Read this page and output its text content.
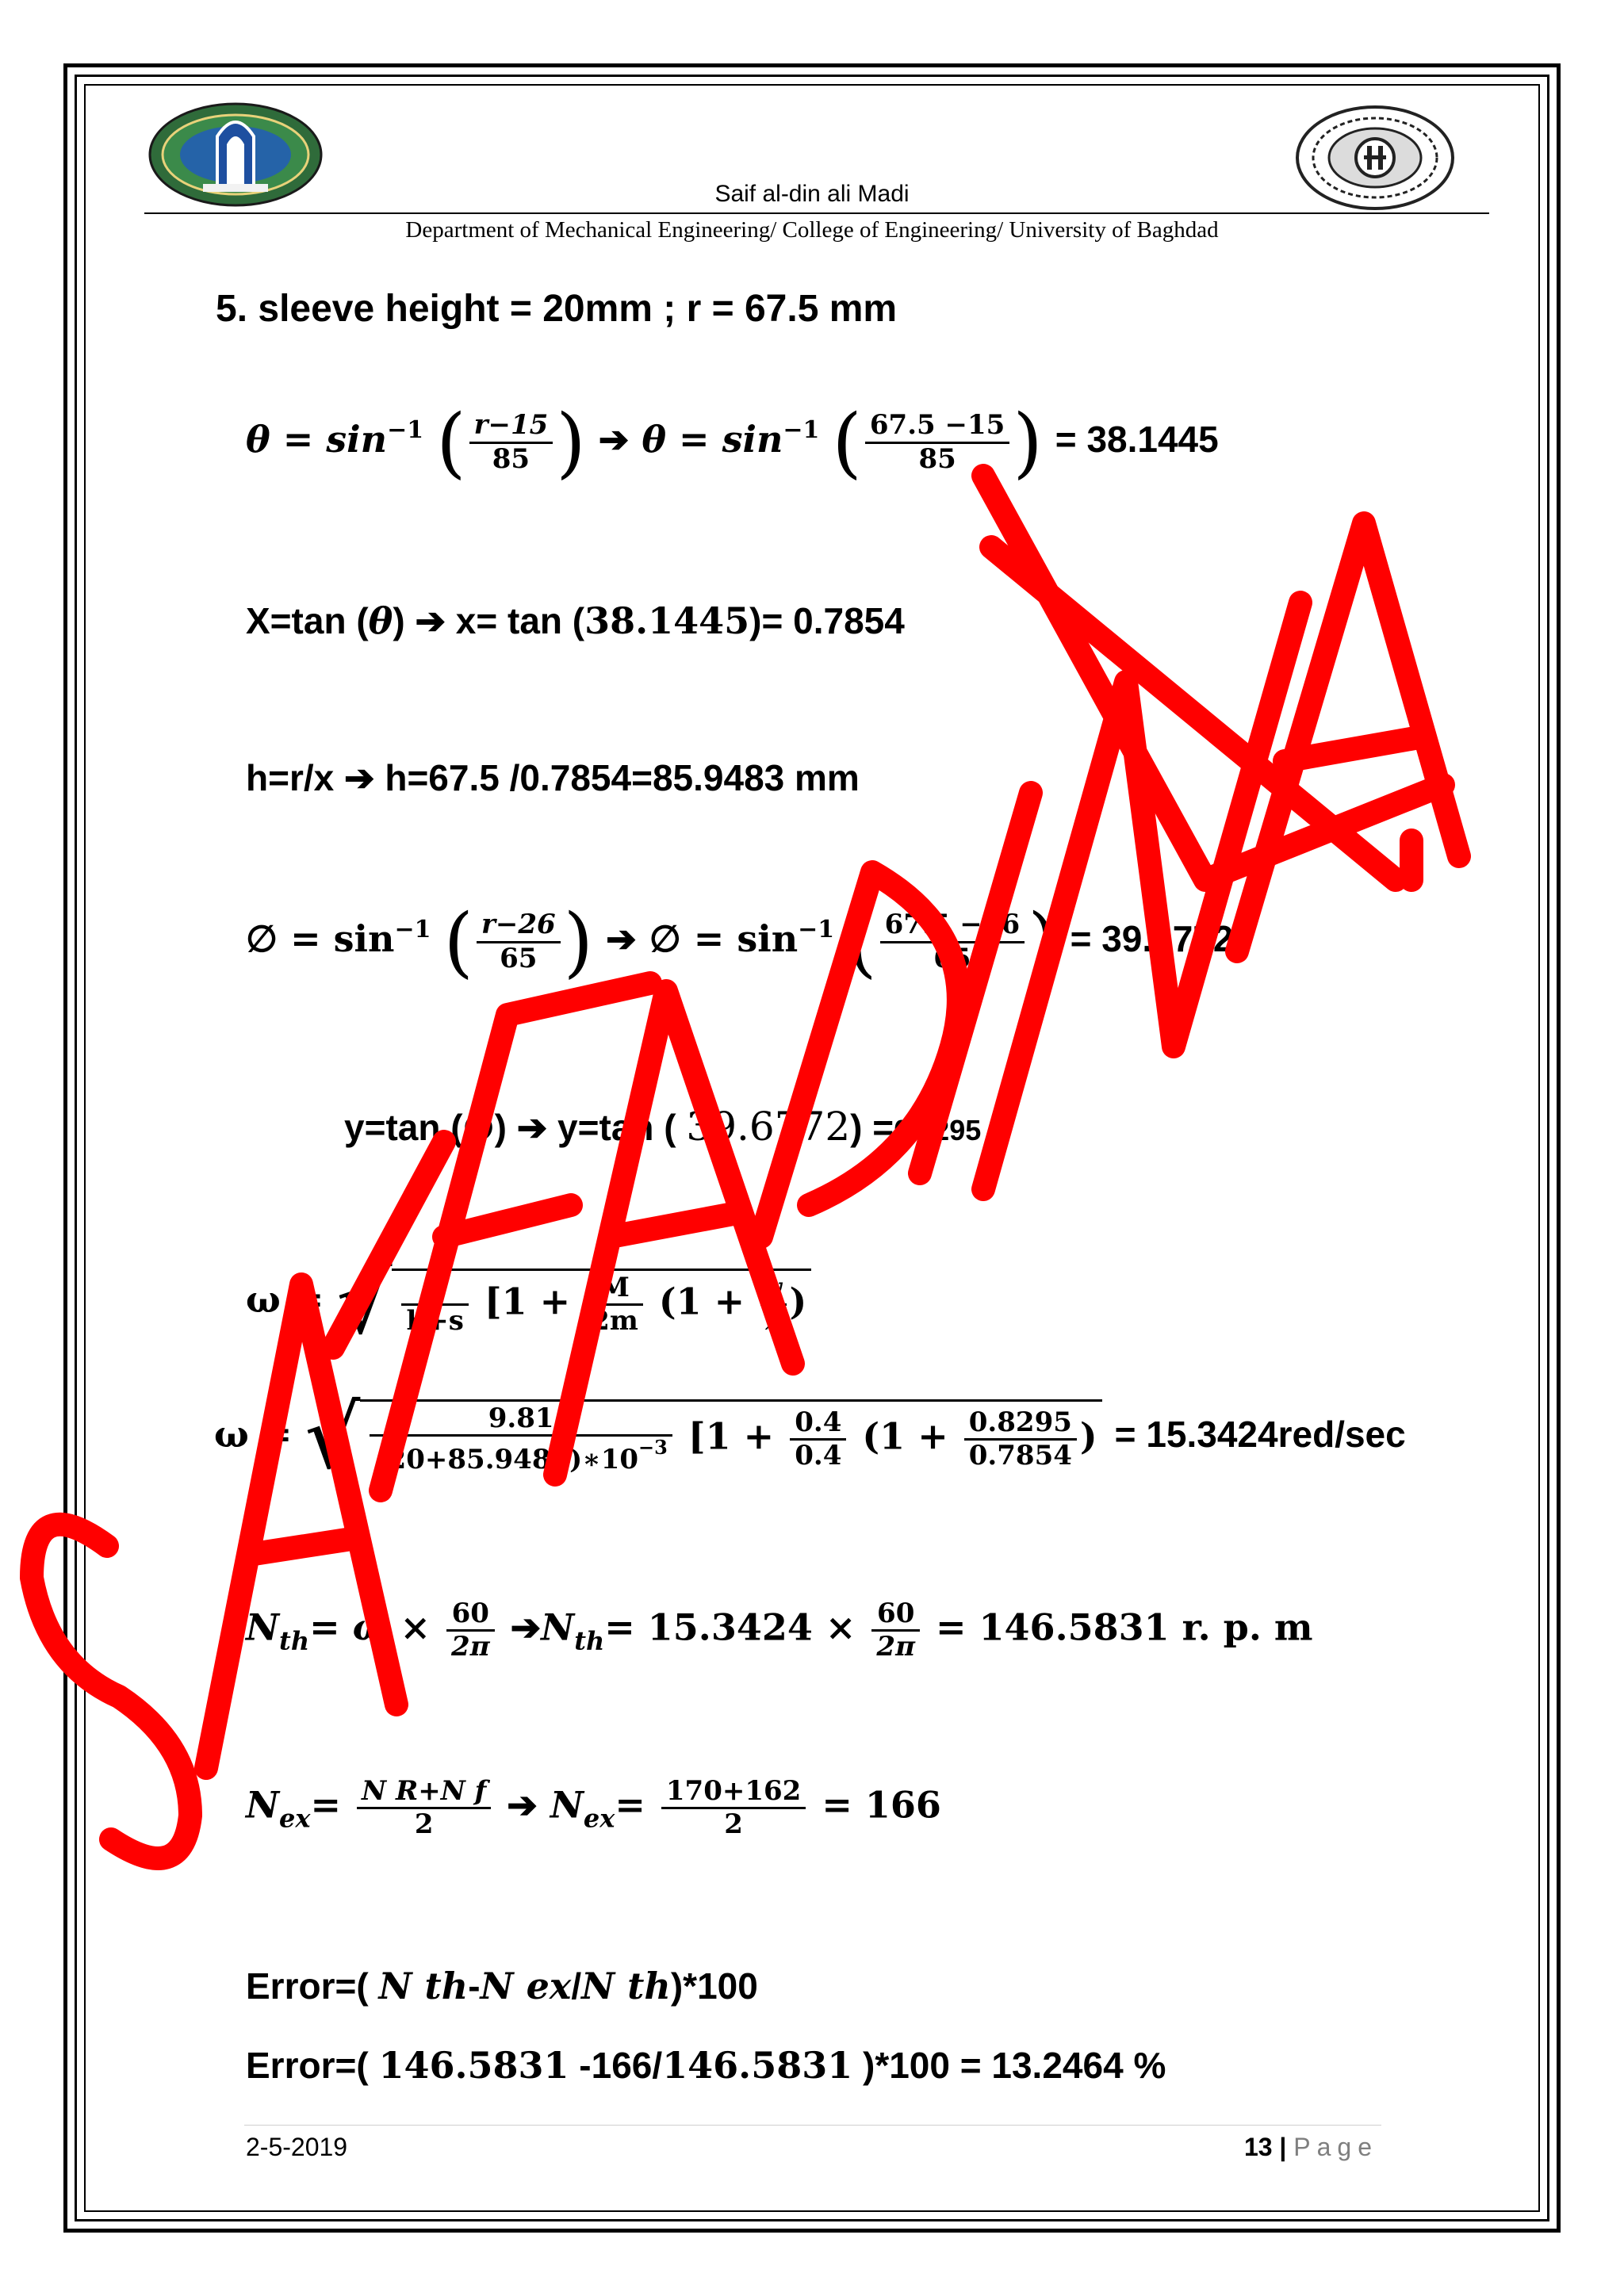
Saif al-din ali Madi
Department of Mechanical Engineering/ College of Engineering/ University of Baghdad
5. sleeve height = 20mm ; r = 67.5 mm
$\theta = \sin^{-1}$ ( $\frac{r-15}{85}$ ) ➔ $\theta = \sin^{-1}$ ( $\frac{67.5 -15}{85}$ ) = 38.1445
X=tan (θ) ➔ x= tan (38.1445)= 0.7854
h=r/x ➔ h=67.5 /0.7854=85.9483 mm
∅ = $\sin^{-1}$ ( $\frac{r-26}{65}$ ) ➔ ∅ = $\sin^{-1}$ ( $\frac{67.5 -26}{65}$ ) = 39.6772
y=tan (∅) ➔ y=tan ( 39.6772) =0.8295
ω = √ $\frac{g}{h+s} [1 + \frac{M}{2m} (1 + \frac{y}{x}$ )
ω = √ $\frac{9.81}{(20+85.9483)∗10^{-3}} [1 + \frac{0.4}{0.4} (1 + \frac{0.8295}{0.7854}$ ) = 15.3424red/sec
$N_{th}= \omega \times \frac{60}{2\pi}$ $➔N_{th}= 15.3424 \times \frac{60}{2\pi} = 146.5831$ r. p. m
$N_{ex}= \frac{\text{N R+N f}}{2}$ ➔ $N_{ex}= \frac{170+162}{2} = 166$
Error=( N th-N ex/N th)*100
Error=( 146.5831 -166/146.5831 )*100 = 13.2464 %
2-5-2019	13 | Page
